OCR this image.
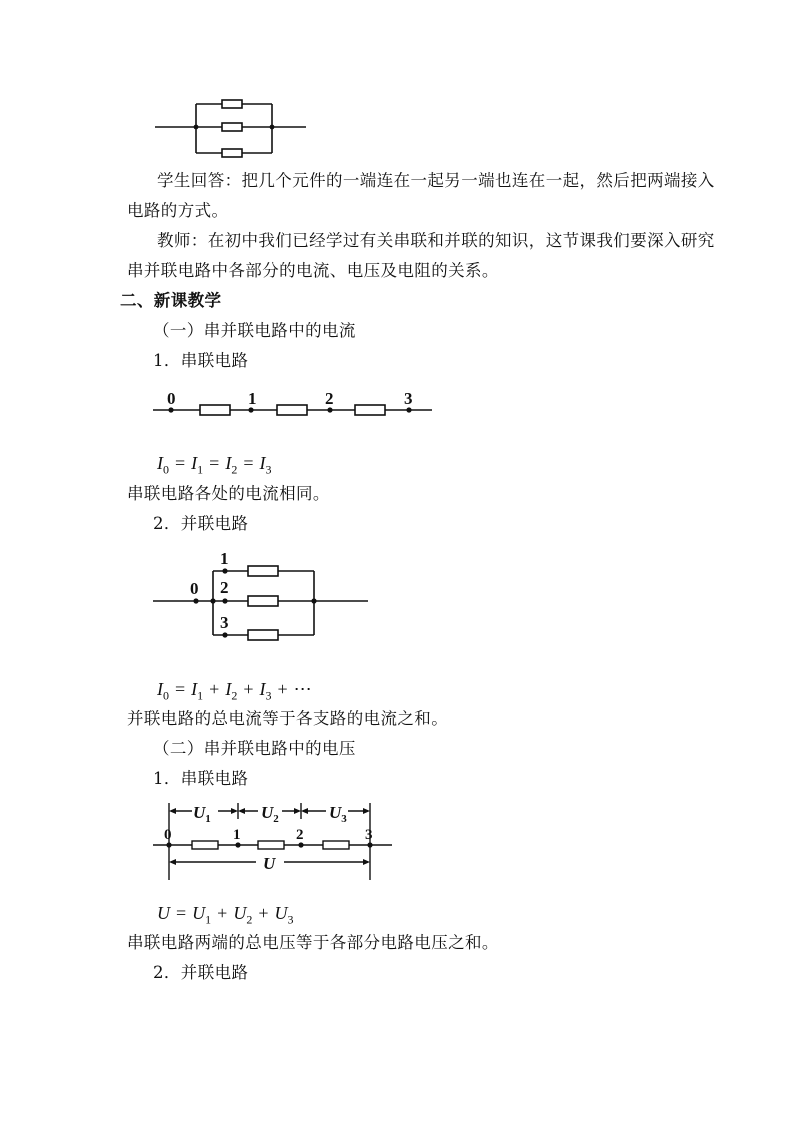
学生回答：把几个元件的一端连在一起另一端也连在一起，然后把两端接入
电路的方式。
教师：在初中我们已经学过有关串联和并联的知识，这节课我们要深入研究
串并联电路中各部分的电流、电压及电阻的关系。
二、新课教学
（一）串并联电路中的电流
1．串联电路
0	1	2	3
$I_0 = I_1 = I_2 = I_3$
串联电路各处的电流相同。
2．并联电路
0
1
2
3
$I_0 = I_1 + I_2 + I_3$ + ⋯
并联电路的总电流等于各支路的电流之和。
（二）串并联电路中的电压
1．串联电路
$U_1$	$U_2$	$U_3$
0	1	2	3
U
$U = U_1 + U_2 + U_3$
串联电路两端的总电压等于各部分电路电压之和。
2．并联电路
